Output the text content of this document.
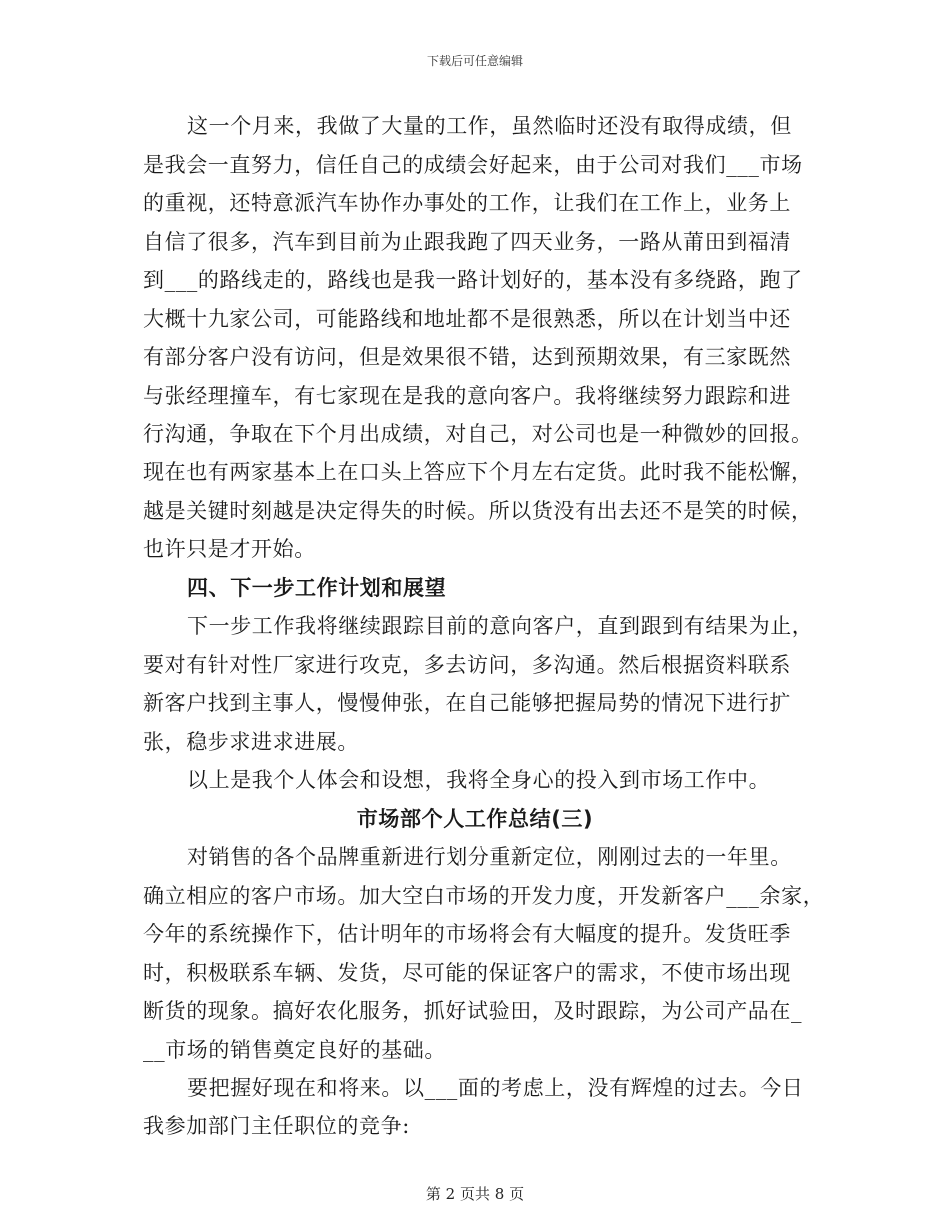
下载后可任意编辑
这一个月来，我做了大量的工作，虽然临时还没有取得成绩，但
是我会一直努力，信任自己的成绩会好起来，由于公司对我们___市场
的重视，还特意派汽车协作办事处的工作，让我们在工作上，业务上
自信了很多，汽车到目前为止跟我跑了四天业务，一路从莆田到福清
到___的路线走的，路线也是我一路计划好的，基本没有多绕路，跑了
大概十九家公司，可能路线和地址都不是很熟悉，所以在计划当中还
有部分客户没有访问，但是效果很不错，达到预期效果，有三家既然
与张经理撞车，有七家现在是我的意向客户。我将继续努力跟踪和进
行沟通，争取在下个月出成绩，对自己，对公司也是一种微妙的回报。
现在也有两家基本上在口头上答应下个月左右定货。此时我不能松懈，
越是关键时刻越是决定得失的时候。所以货没有出去还不是笑的时候，
也许只是才开始。
四、下一步工作计划和展望
下一步工作我将继续跟踪目前的意向客户，直到跟到有结果为止，
要对有针对性厂家进行攻克，多去访问，多沟通。然后根据资料联系
新客户找到主事人，慢慢伸张，在自己能够把握局势的情况下进行扩
张，稳步求进求进展。
以上是我个人体会和设想，我将全身心的投入到市场工作中。
市场部个人工作总结(三)
对销售的各个品牌重新进行划分重新定位，刚刚过去的一年里。
确立相应的客户市场。加大空白市场的开发力度，开发新客户___余家，
今年的系统操作下，估计明年的市场将会有大幅度的提升。发货旺季
时，积极联系车辆、发货，尽可能的保证客户的需求，不使市场出现
断货的现象。搞好农化服务，抓好试验田，及时跟踪，为公司产品在_
__市场的销售奠定良好的基础。
要把握好现在和将来。以___面的考虑上，没有辉煌的过去。今日
我参加部门主任职位的竞争:
第 2 页共 8 页
